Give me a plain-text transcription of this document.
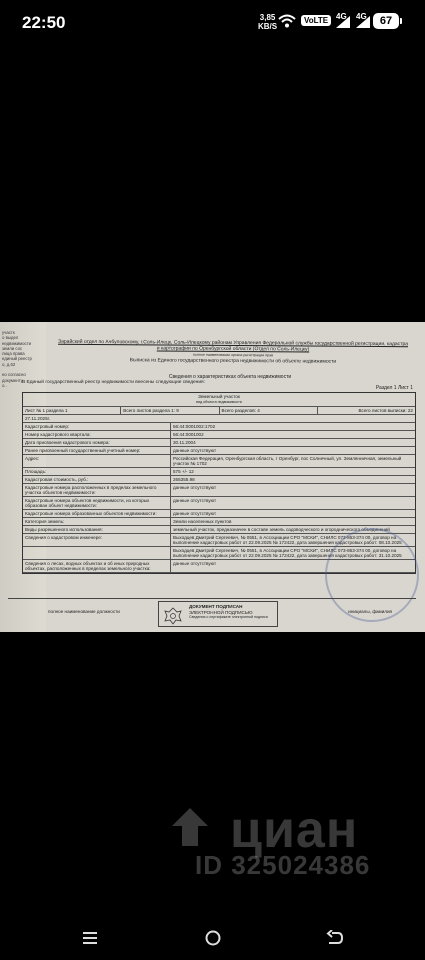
22:50	3,85
KB/S
VoLTE 4G 4G	67
участк
о выдел
недвижимости
земли сос
лица права
единый реестр
о, д.62

но согласно
документу
о..
Зарайский отдел по Ачбуловскому, г.Соль-Илецк, Соль-Илецкому районам Управления Федеральной службы государственной регистрации, кадастра
и картографии по Оренбургской области (Отдел по Соль-Илецку)
полное наименование органа регистрации прав
Выписка из Единого государственного реестра недвижимости об объекте недвижимости
Сведения о характеристиках объекта недвижимости
В Единый государственный реестр недвижимости внесены следующие сведения:
Раздел 1 Лист 1
Земельный участок
вид объекта недвижимости
Лист № 1 раздела 1	Всего листов раздела 1: 9	Всего разделов: 4	Всего листов выписки: 22
27.11.2025г.
Кадастровый номер:	56:44:0001002:1702
Номер кадастрового квартала:	56:44:0001002
Дата присвоения кадастрового номера:	30.11.2004
Ранее присвоенный государственный учетный номер:	данные отсутствуют
Адрес:	Российская Федерация, Оренбургская область, г Оренбург, пос Солнечный, ул. Землянничная, земельный участок № 1702
Площадь:	575 +/- 12
Кадастровая стоимость, руб.:	265355.98
Кадастровые номера расположенных в пределах земельного участка объектов недвижимости:
данные отсутствуют
Кадастровые номера объектов недвижимости, из которых образован объект недвижимости:
данные отсутствуют
Кадастровые номера образованных объектов недвижимости:	данные отсутствуют
Категория земель:	Земли населенных пунктов
Виды разрешенного использования:	земельный участок, предназначен в составе земель садоводческого и огороднического объединений
Сведения о кадастровом инженере:	Выходцев Дмитрий Сергеевич, № 0551, в Ассоциации СРО "МСКИ", СНИЛС 073-863-374 00, договор на выполнение кадастровых работ от 22.09.2025 № 172422, дата завершения кадастровых работ: 08.10.2025
Выходцев Дмитрий Сергеевич, № 0551, в Ассоциации СРО "МСКИ", СНИЛС 073-863-374 00, договор на выполнение кадастровых работ от 22.09.2025 № 172422, дата завершения кадастровых работ: 31.10.2025
Сведения о лесах, водных объектах и об иных природных объектах, расположенных в пределах земельного участка:
данные отсутствуют
полное наименование должности
ДОКУМЕНТ ПОДПИСАН
ЭЛЕКТРОННОЙ ПОДПИСЬЮ
Сведения о сертификате электронной подписи
инициалы, фамилия
циан
ID 325024386
